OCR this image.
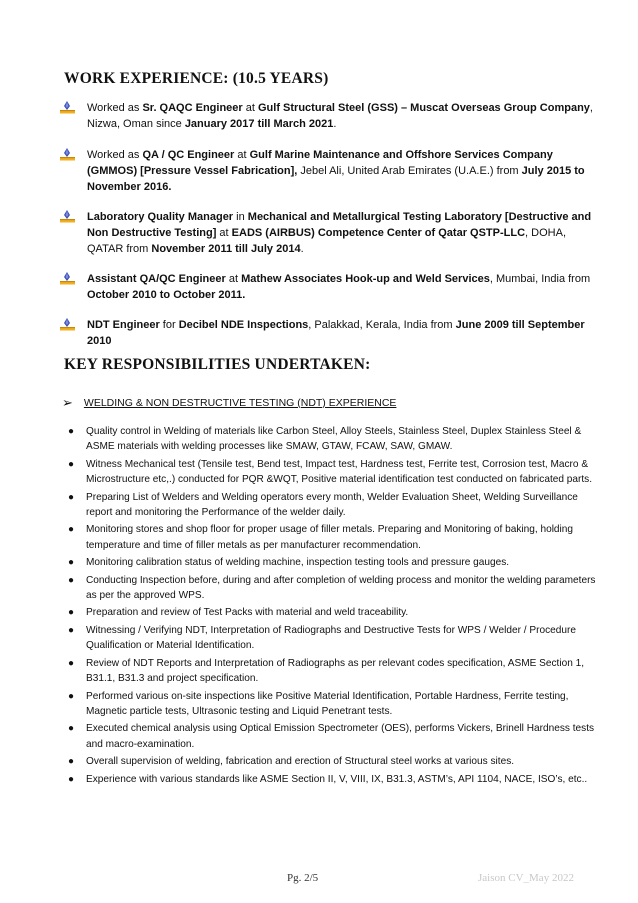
WORK EXPERIENCE: (10.5 YEARS)
Worked as Sr. QAQC Engineer at Gulf Structural Steel (GSS) – Muscat Overseas Group Company, Nizwa, Oman since January 2017 till March 2021.
Worked as QA / QC Engineer at Gulf Marine Maintenance and Offshore Services Company (GMMOS) [Pressure Vessel Fabrication], Jebel Ali, United Arab Emirates (U.A.E.) from July 2015 to November 2016.
Laboratory Quality Manager in Mechanical and Metallurgical Testing Laboratory [Destructive and Non Destructive Testing] at EADS (AIRBUS) Competence Center of Qatar QSTP-LLC, DOHA, QATAR from November 2011 till July 2014.
Assistant QA/QC Engineer at Mathew Associates Hook-up and Weld Services, Mumbai, India from October 2010 to October 2011.
NDT Engineer for Decibel NDE Inspections, Palakkad, Kerala, India from June 2009 till September 2010
KEY RESPONSIBILITIES UNDERTAKEN:
➢ WELDING & NON DESTRUCTIVE TESTING (NDT) EXPERIENCE
● Quality control in Welding of materials like Carbon Steel, Alloy Steels, Stainless Steel, Duplex Stainless Steel & ASME materials with welding processes like SMAW, GTAW, FCAW, SAW, GMAW.
● Witness Mechanical test (Tensile test, Bend test, Impact test, Hardness test, Ferrite test, Corrosion test, Macro & Microstructure etc,.) conducted for PQR &WQT, Positive material identification test conducted on fabricated parts.
● Preparing List of Welders and Welding operators every month, Welder Evaluation Sheet, Welding Surveillance report and monitoring the Performance of the welder daily.
● Monitoring stores and shop floor for proper usage of filler metals. Preparing and Monitoring of baking, holding temperature and time of filler metals as per manufacturer recommendation.
● Monitoring calibration status of welding machine, inspection testing tools and pressure gauges.
● Conducting Inspection before, during and after completion of welding process and monitor the welding parameters as per the approved WPS.
● Preparation and review of Test Packs with material and weld traceability.
● Witnessing / Verifying NDT, Interpretation of Radiographs and Destructive Tests for WPS / Welder / Procedure Qualification or Material Identification.
● Review of NDT Reports and Interpretation of Radiographs as per relevant codes specification, ASME Section 1, B31.1, B31.3 and project specification.
● Performed various on-site inspections like Positive Material Identification, Portable Hardness, Ferrite testing, Magnetic particle tests, Ultrasonic testing and Liquid Penetrant tests.
● Executed chemical analysis using Optical Emission Spectrometer (OES), performs Vickers, Brinell Hardness tests and macro-examination.
● Overall supervision of welding, fabrication and erection of Structural steel works at various sites.
● Experience with various standards like ASME Section II, V, VIII, IX, B31.3, ASTM’s, API 1104, NACE, ISO’s, etc..
Pg. 2/5	Jaison CV_May 2022
